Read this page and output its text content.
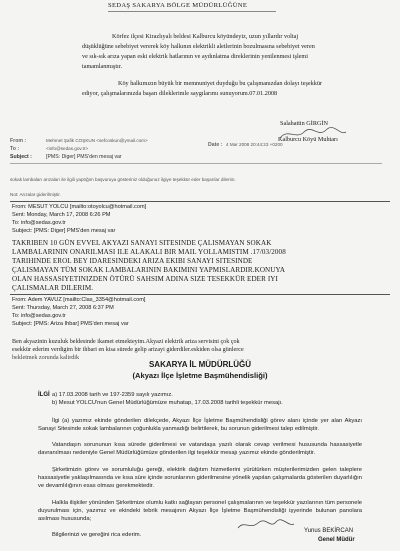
SEDAŞ SAKARYA BÖLGE MÜDÜRLÜĞÜNE
Körfez ilçesi Kirazlıyalı beldesi Kalburcu köyündeyiz, uzun yıllardır voltaj
düşüklüğüne sebebiyet vererek köy halkının elektrikli aletlerinin bozulmasına sebebiyet veren
ve sık-sık arıza yapan eski elektrik hatlarının ve aydınlatma direklerinin yenilenmesi işlemi
tamamlanmıştır.
Köy halkımızın büyük bir memnuniyet duyduğu bu çalışmanızdan dolayı teşekkür
ediyor, çalışmalarınızda başarı dileklerimle saygılarımı sunuyorum.07.01.2008
Salahattin GİRGİN
Kalburcu Köyü Muhtarı
From :	Mehmet Şafik COŞKUN <sefcoskun@ymail.com>
Date : 4 Mar 2008 20:44:23 +0200
To :	<info@sedas.gov.tr>
Subject :	[PMS: Diger] PMS'den mesaj var
sokak lambaları arızaları ile ilgili yaptığım başvuruya gösteriniz olduğunuz ilgiye teşekkür eder başarılar dilerim.
Not: Arızalar giderilmiştir.
From: MESUT YOLCU [mailto:otoyolcu@hotmail.com]
Sent: Monday, March 17, 2008 6:26 PM
To: info@sedas.gov.tr
Subject: [PMS: Diger] PMS'den mesaj var
TAKRIBEN 10 GÜN EVVEL AKYAZI SANAYI SITESINDE ÇALISMAYAN SOKAK
LAMBALARININ ONARILMASI ILE ALAKALI BIR MAIL YOLLAMISTIM .17/03/2008
TARIHINDE EROL BEY IDARESINDEKI ARIZA EKIBI SANAYI SITESINDE
ÇALISMAYAN TÜM SOKAK LAMBALARININ BAKIMINI YAPMISLARDIR.KONUYA
OLAN HASSASIYETINIZDEN ÖTÜRÜ SAHSIM ADINA SIZE TESEKKÜR EDER IYI
ÇALISMALAR DILERIM.
From: Adem YAVUZ [mailto:Clas_3354@hotmail.com]
Sent: Thursday, March 27, 2008 6:37 PM
To: info@sedas.gov.tr
Subject: [PMS: Ariza Ihbar] PMS'den mesaj var
Ben akyazinin kuzuluk beldesinde ikamet etmekteyim.Akyazi elektrik ariza servisini çok çok
esekkür ederim verdigim bir ihbari en kisa sürede gelip arizayi giderdiler.eskiden olsa günlerce
bekletmek zorunda kalirdik
SAKARYA İL MÜDÜRLÜĞÜ
(Akyazı İlçe İşletme Başmühendisliği)
İLGİ a) 17.03.2008 tarih ve 197-2359 sayılı yazımız.
b) Mesut YOLCU'nun Genel Müdürlüğümüze muhatap, 17.03.2008 tarihli teşekkür mesajı.
İlgi (a) yazımız ekinde gönderilen dilekçede, Akyazı İlçe İşletme Başmühendisliği görev alanı içinde yer alan Akyazı Sanayi Sitesinde sokak lambalarının çoğunlukla yanmadığı belirtilerek, bu sorunun giderilmesi talep edilmiştir.
Vatandaşın sorununun kısa sürede giderilmesi ve vatandaşa yazılı olarak cevap verilmesi hususunda hassasiyetle davranılması nedeniyle Genel Müdürlüğümüze gönderilen ilgi teşekkür mesajı yazımız ekinde gönderilmiştir.
Şirketimizin görev ve sorumluluğu gereği, elektrik dağıtım hizmetlerini yürütürken müşterilerimizden gelen taleplere hassasiyetle yaklaşılmasında ve kısa süre içinde sorunlarının giderilmesine yönelik yapılan çalışmalarda gösterilen duyarlılığın ve devamlılığının esas olması gerekmektedir.
Halkla ilişkiler yönünden Şirketimize olumlu katkı sağlayan personel çalışmalarının ve teşekkür yazılarının tüm personele duyurulması için, yazımız ve ekindeki tebrik mesajının Akyazı İlçe İşletme Başmühendisliği işyerinde bulunan panolara asılması hususunda;
Bilgilerinizi ve gereğini rica ederim.
Yunus BEKİRCAN
Genel Müdür
